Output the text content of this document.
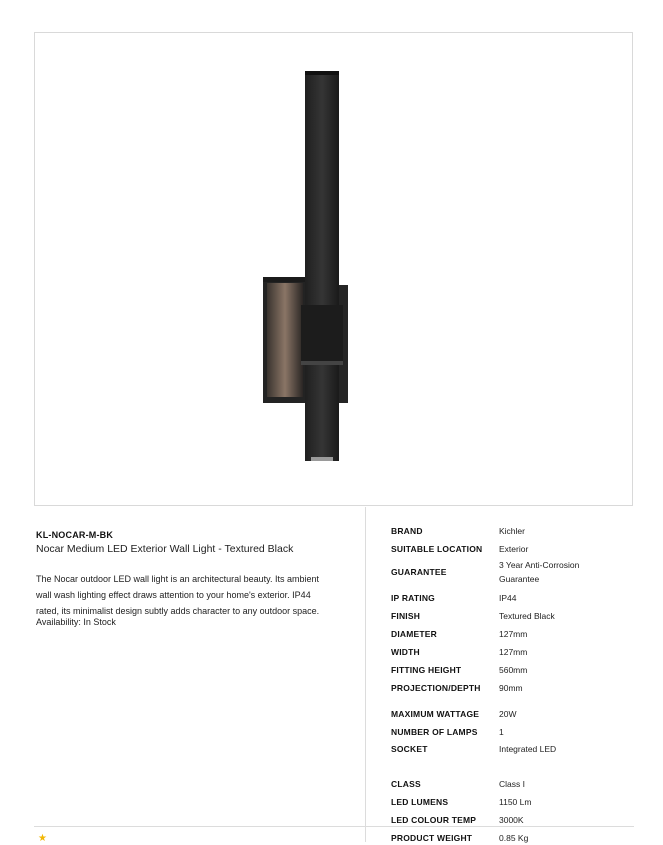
KL-NOCAR-M-BK
Nocar Medium LED Exterior Wall Light - Textured Black
The Nocar outdoor LED wall light is an architectural beauty. Its ambient wall wash lighting effect draws attention to your home's exterior. IP44 rated, its minimalist design subtly adds character to any outdoor space.
Availability: In Stock
BRAND	Kichler
SUITABLE LOCATION Exterior
GUARANTEE
3 Year Anti-Corrosion Guarantee
IP RATING	IP44
FINISH	Textured Black
DIAMETER	127mm
WIDTH	127mm
FITTING HEIGHT	560mm
PROJECTION/DEPTH 90mm
MAXIMUM WATTAGE 20W
NUMBER OF LAMPS	1
SOCKET	Integrated LED
CLASS	Class I
LED LUMENS	1150 Lm
LED COLOUR TEMP	3000K
PRODUCT WEIGHT	0.85 Kg
★
